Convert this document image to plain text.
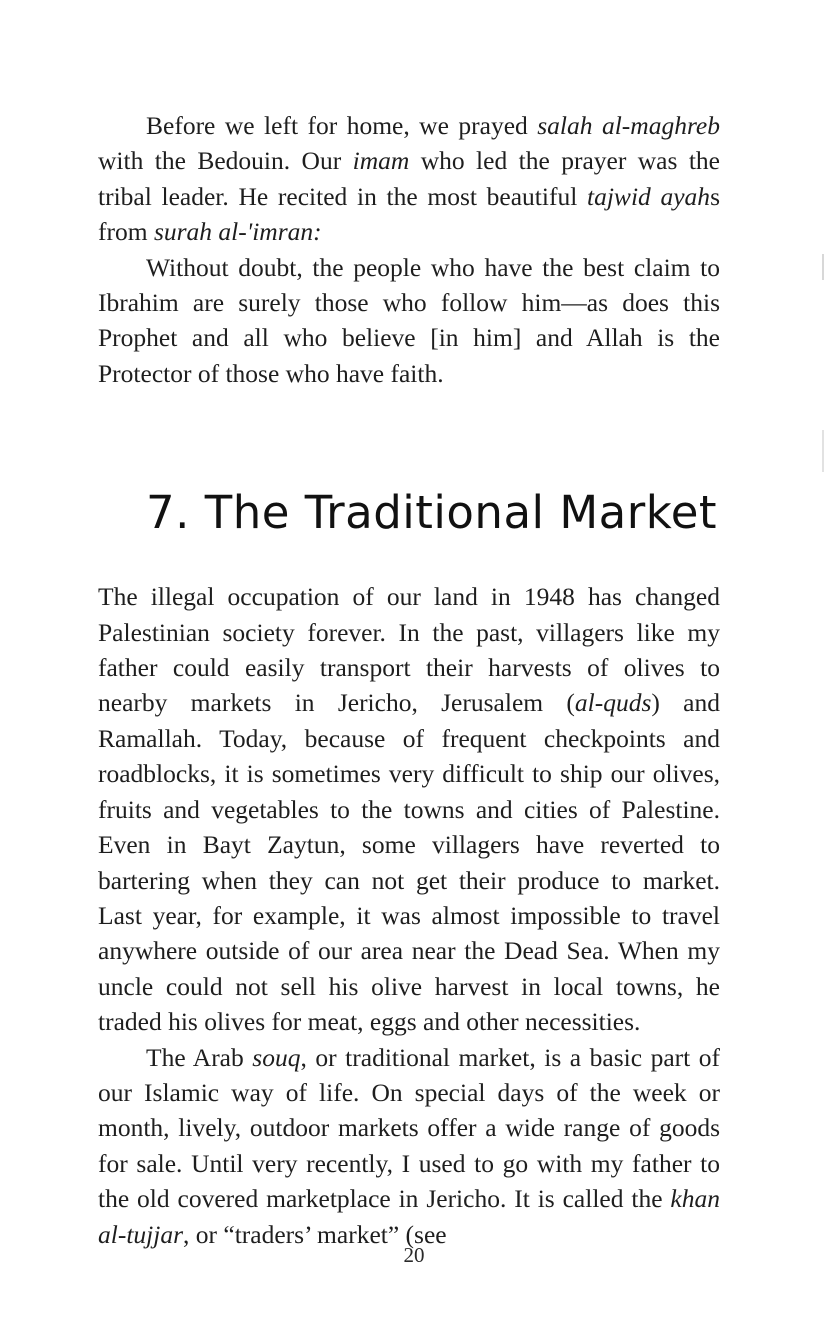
Before we left for home, we prayed salah al-maghreb with the Bedouin. Our imam who led the prayer was the tribal leader. He recited in the most beautiful tajwid ayahs from surah al-'imran:

Without doubt, the people who have the best claim to Ibrahim are surely those who follow him—as does this Prophet and all who believe [in him] and Allah is the Protector of those who have faith.

7. The Traditional Market

The illegal occupation of our land in 1948 has changed Palestinian society forever. In the past, villagers like my father could easily transport their harvests of olives to nearby markets in Jericho, Jerusalem (al-quds) and Ramallah. Today, because of frequent checkpoints and roadblocks, it is sometimes very difficult to ship our olives, fruits and vegetables to the towns and cities of Palestine. Even in Bayt Zaytun, some villagers have reverted to bartering when they can not get their produce to market. Last year, for example, it was almost impossible to travel anywhere outside of our area near the Dead Sea. When my uncle could not sell his olive harvest in local towns, he traded his olives for meat, eggs and other necessities.

The Arab souq, or traditional market, is a basic part of our Islamic way of life. On special days of the week or month, lively, outdoor markets offer a wide range of goods for sale. Until very recently, I used to go with my father to the old covered marketplace in Jericho. It is called the khan al-tujjar, or “traders’ market” (see

20
